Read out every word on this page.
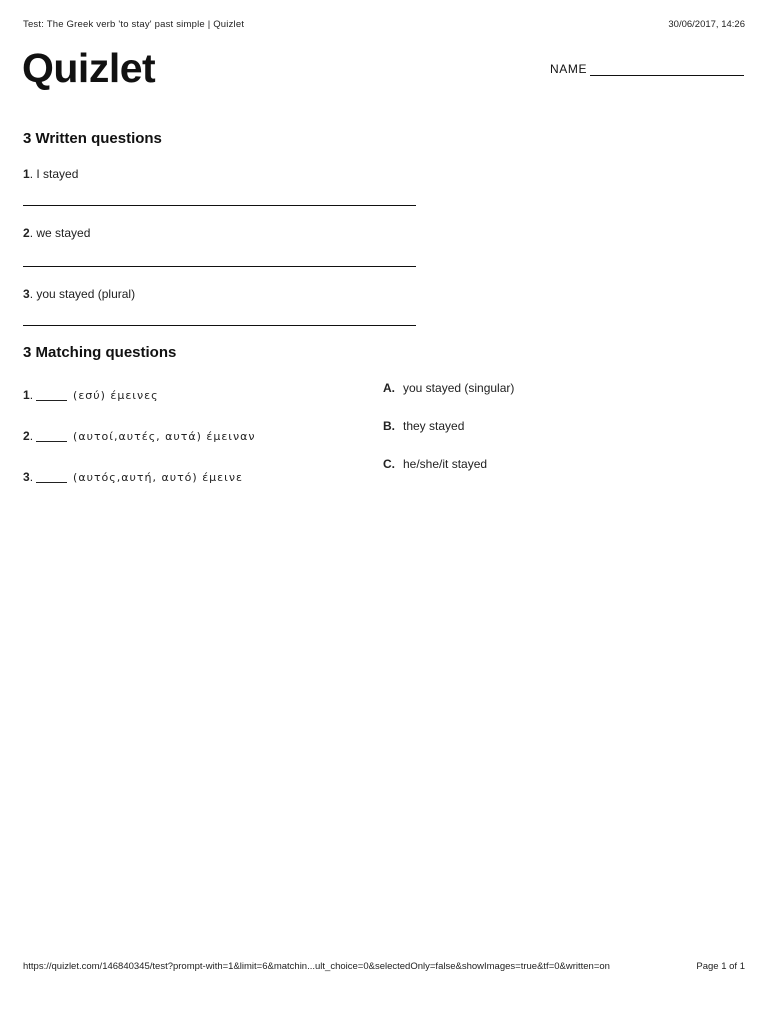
Test: The Greek verb 'to stay' past simple | Quizlet	30/06/2017, 14:26
Quizlet	NAME
3 Written questions
1. I stayed
2. we stayed
3. you stayed (plural)
3 Matching questions
1.	(εσύ) έμεινες
2.	(αυτοί,αυτές, αυτά) έμειναν
3.	(αυτός,αυτή, αυτό) έμεινε
A. you stayed (singular)
B. they stayed
C. he/she/it stayed
https://quizlet.com/146840345/test?prompt-with=1&limit=6&matchin...ult_choice=0&selectedOnly=false&showImages=true&tf=0&written=on	Page 1 of 1
